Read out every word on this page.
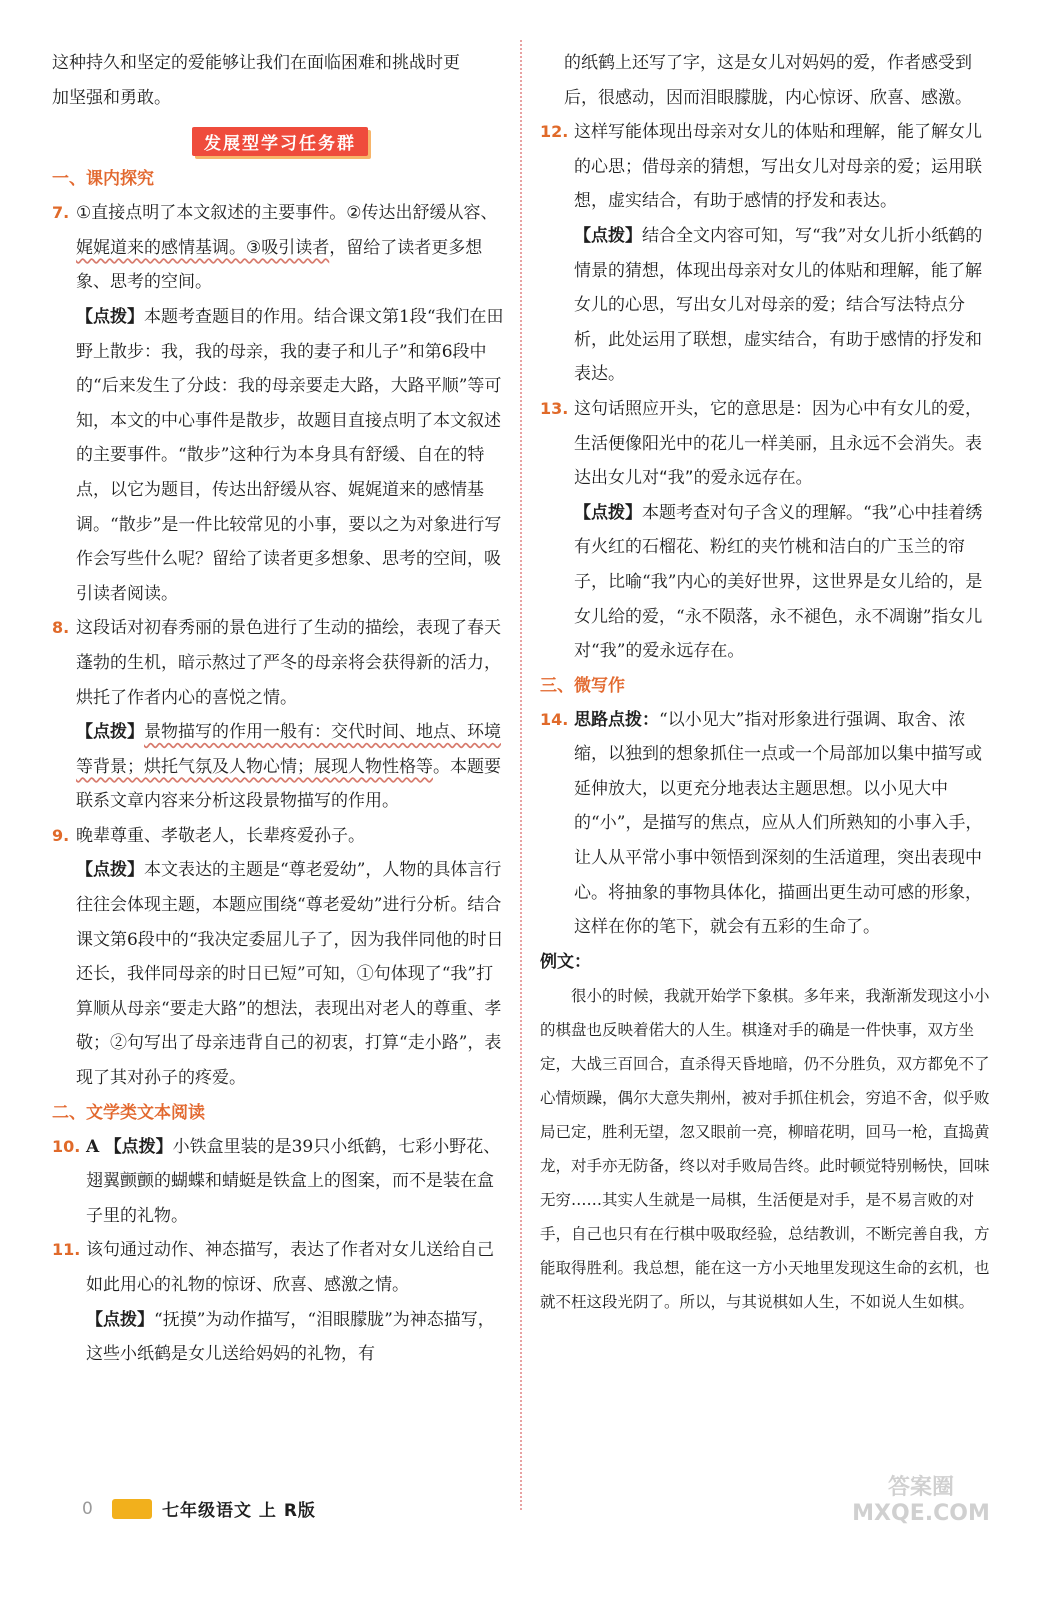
这种持久和坚定的爱能够让我们在面临困难和挑战时更

加坚强和勇敢。

发展型学习任务群

一、课内探究

7. ①直接点明了本文叙述的主要事件。②传达出舒缓从容、娓娓道来的感情基调。③吸引读者，留给了读者更多想象、思考的空间。

【点拨】本题考查题目的作用。结合课文第1段“我们在田野上散步：我，我的母亲，我的妻子和儿子”和第6段中的“后来发生了分歧：我的母亲要走大路，大路平顺”等可知，本文的中心事件是散步，故题目直接点明了本文叙述的主要事件。“散步”这种行为本身具有舒缓、自在的特点，以它为题目，传达出舒缓从容、娓娓道来的感情基调。“散步”是一件比较常见的小事，要以之为对象进行写作会写些什么呢？留给了读者更多想象、思考的空间，吸引读者阅读。

8. 这段话对初春秀丽的景色进行了生动的描绘，表现了春天蓬勃的生机，暗示熬过了严冬的母亲将会获得新的活力，烘托了作者内心的喜悦之情。

【点拨】景物描写的作用一般有：交代时间、地点、环境等背景；烘托气氛及人物心情；展现人物性格等。本题要联系文章内容来分析这段景物描写的作用。

9. 晚辈尊重、孝敬老人，长辈疼爱孙子。

【点拨】本文表达的主题是“尊老爱幼”，人物的具体言行往往会体现主题，本题应围绕“尊老爱幼”进行分析。结合课文第6段中的“我决定委屈儿子了，因为我伴同他的时日还长，我伴同母亲的时日已短”可知，①句体现了“我”打算顺从母亲“要走大路”的想法，表现出对老人的尊重、孝敬；②句写出了母亲违背自己的初衷，打算“走小路”，表现了其对孙子的疼爱。

二、文学类文本阅读

10. A 【点拨】小铁盒里装的是39只小纸鹤，七彩小野花、翅翼颤颤的蝴蝶和蜻蜓是铁盒上的图案，而不是装在盒子里的礼物。

11. 该句通过动作、神态描写，表达了作者对女儿送给自己如此用心的礼物的惊讶、欣喜、感激之情。

【点拨】“抚摸”为动作描写，“泪眼朦胧”为神态描写，这些小纸鹤是女儿送给妈妈的礼物，有

的纸鹤上还写了字，这是女儿对妈妈的爱，作者感受到后，很感动，因而泪眼朦胧，内心惊讶、欣喜、感激。

12. 这样写能体现出母亲对女儿的体贴和理解，能了解女儿的心思；借母亲的猜想，写出女儿对母亲的爱；运用联想，虚实结合，有助于感情的抒发和表达。

【点拨】结合全文内容可知，写“我”对女儿折小纸鹤的情景的猜想，体现出母亲对女儿的体贴和理解，能了解女儿的心思，写出女儿对母亲的爱；结合写法特点分析，此处运用了联想，虚实结合，有助于感情的抒发和表达。

13. 这句话照应开头，它的意思是：因为心中有女儿的爱，生活便像阳光中的花儿一样美丽，且永远不会消失。表达出女儿对“我”的爱永远存在。

【点拨】本题考查对句子含义的理解。“我”心中挂着绣有火红的石榴花、粉红的夹竹桃和洁白的广玉兰的帘子，比喻“我”内心的美好世界，这世界是女儿给的，是女儿给的爱，“永不陨落，永不褪色，永不凋谢”指女儿对“我”的爱永远存在。

三、微写作

14. 思路点拨：“以小见大”指对形象进行强调、取舍、浓缩，以独到的想象抓住一点或一个局部加以集中描写或延伸放大，以更充分地表达主题思想。以小见大中的“小”，是描写的焦点，应从人们所熟知的小事入手，让人从平常小事中领悟到深刻的生活道理，突出表现中心。将抽象的事物具体化，描画出更生动可感的形象，这样在你的笔下，就会有五彩的生命了。

例文：

很小的时候，我就开始学下象棋。多年来，我渐渐发现这小小的棋盘也反映着偌大的人生。棋逢对手的确是一件快事，双方坐定，大战三百回合，直杀得天昏地暗，仍不分胜负，双方都免不了心情烦躁，偶尔大意失荆州，被对手抓住机会，穷追不舍，似乎败局已定，胜利无望，忽又眼前一亮，柳暗花明，回马一枪，直捣黄龙，对手亦无防备，终以对手败局告终。此时顿觉特别畅快，回味无穷……其实人生就是一局棋，生活便是对手，是不易言败的对手，自己也只有在行棋中吸取经验，总结教训，不断完善自我，方能取得胜利。我总想，能在这一方小天地里发现这生命的玄机，也就不枉这段光阴了。所以，与其说棋如人生，不如说人生如棋。

0	七年级语文 上 R版
答案圈
MXQE.COM
